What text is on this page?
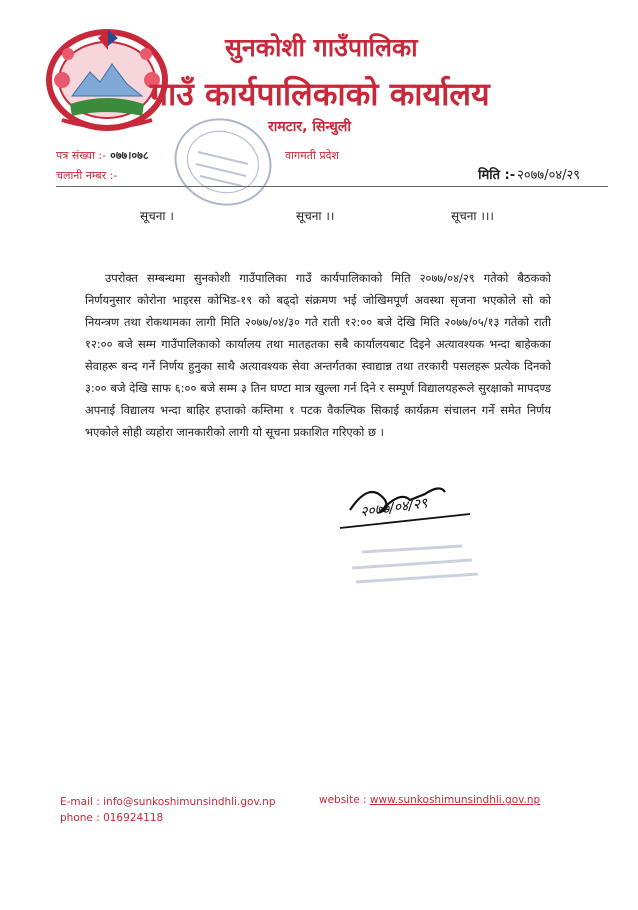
सुनकोशी गाउँपालिका
गाउँ कार्यपालिकाको कार्यालय
रामटार, सिन्धुली
वागमती प्रदेश
पत्र संख्या :- ०७७।०७८
चलानी नम्बर :-	मिति :- २०७७/०४/२९
सूचना ।	सूचना ।।	सूचना ।।।

उपरोक्त सम्बन्धमा सुनकोशी गाउँपालिका गाउँ कार्यपालिकाको मिति २०७७/०४/२९ गतेको बैठकको निर्णयनुसार कोरोना भाइरस कोभिड-१९ को बढ्दो संक्रमण भई जोखिमपूर्ण अवस्था सृजना भएकोले सो को नियन्त्रण तथा रोकथामका लागी मिति २०७७/०४/३० गते राती १२:०० बजे देखि मिति २०७७/०५/१३ गतेको राती १२:०० बजे सम्म गाउँपालिकाको कार्यालय तथा मातहतका सबै कार्यालयबाट दिइने अत्यावश्यक भन्दा बाहेकका सेवाहरू बन्द गर्ने निर्णय हुनुका साथै अत्यावश्यक सेवा अन्तर्गतका स्वाद्यान्न तथा तरकारी पसलहरू प्रत्येक दिनको ३:०० बजे देखि साफ ६:०० बजे सम्म ३ तिन घण्टा मात्र खुल्ला गर्न दिने र सम्पूर्ण विद्यालयहरूले सुरक्षाको मापदण्ड अपनाई विद्यालय भन्दा बाहिर हप्ताको कम्तिमा १ पटक वैकल्पिक सिकाई कार्यक्रम संचालन गर्ने समेत निर्णय भएकोले सोही व्यहोरा जानकारीको लागी यो सूचना प्रकाशित गरिएको छ ।

२०७७/०४/२९
E-mail : info@sunkoshimunsindhli.gov.np
phone : 016924118
website : www.sunkoshimunsindhli.gov.np
